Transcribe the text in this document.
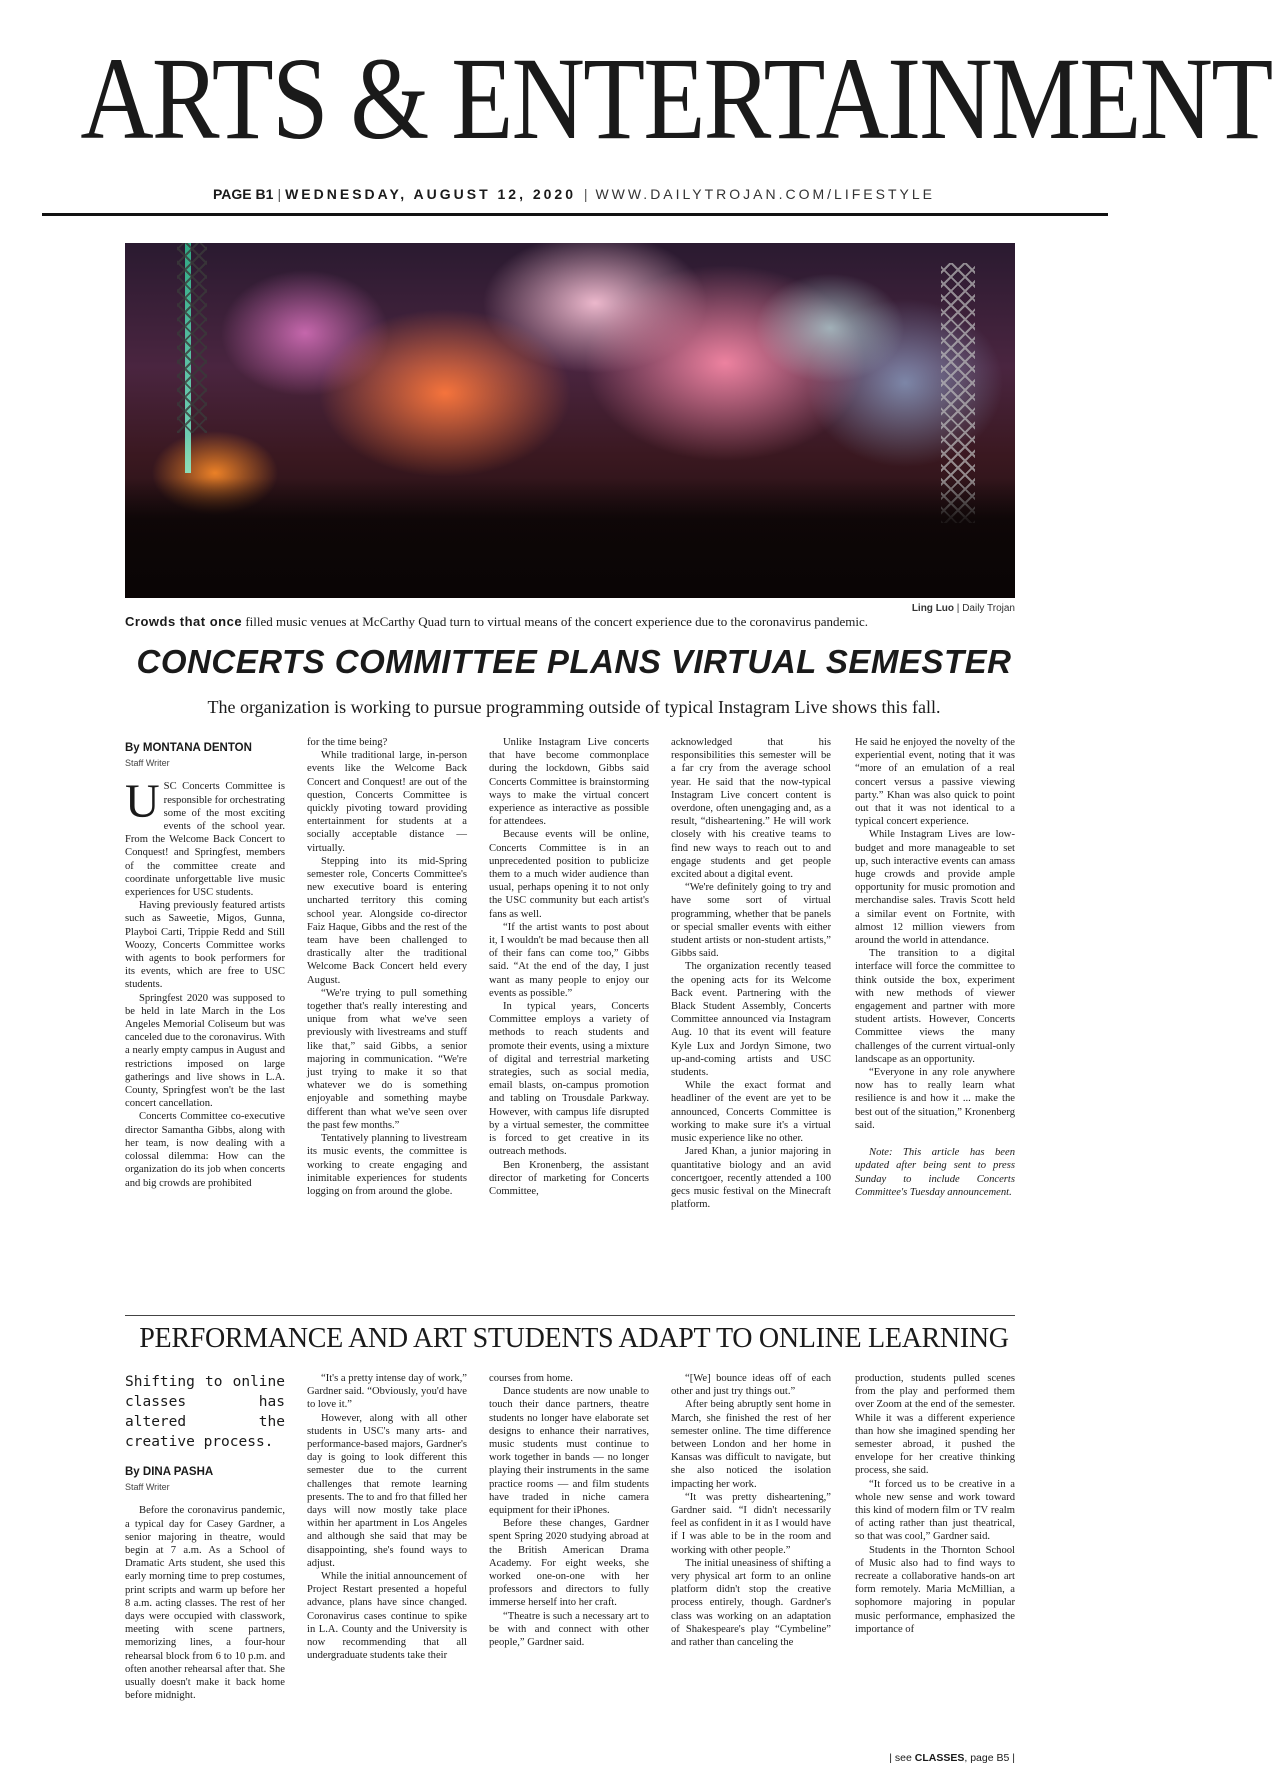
ARTS & ENTERTAINMENT
PAGE B1 | WEDNESDAY, AUGUST 12, 2020 | WWW.DAILYTROJAN.COM/LIFESTYLE
Ling Luo | Daily Trojan
Crowds that once filled music venues at McCarthy Quad turn to virtual means of the concert experience due to the coronavirus pandemic.
CONCERTS COMMITTEE PLANS VIRTUAL SEMESTER
The organization is working to pursue programming outside of typical Instagram Live shows this fall.
By MONTANA DENTON
Staff Writer

USC Concerts Committee is responsible for orchestrating some of the most exciting events of the school year. From the Welcome Back Concert to Conquest! and Springfest, members of the committee create and coordinate unforgettable live music experiences for USC students.

Having previously featured artists such as Saweetie, Migos, Gunna, Playboi Carti, Trippie Redd and Still Woozy, Concerts Committee works with agents to book performers for its events, which are free to USC students.

Springfest 2020 was supposed to be held in late March in the Los Angeles Memorial Coliseum but was canceled due to the coronavirus. With a nearly empty campus in August and restrictions imposed on large gatherings and live shows in L.A. County, Springfest won't be the last concert cancellation.

Concerts Committee co-executive director Samantha Gibbs, along with her team, is now dealing with a colossal dilemma: How can the organization do its job when concerts and big crowds are prohibited

for the time being?

While traditional large, in-person events like the Welcome Back Concert and Conquest! are out of the question, Concerts Committee is quickly pivoting toward providing entertainment for students at a socially acceptable distance — virtually.

Stepping into its mid-Spring semester role, Concerts Committee's new executive board is entering uncharted territory this coming school year. Alongside co-director Faiz Haque, Gibbs and the rest of the team have been challenged to drastically alter the traditional Welcome Back Concert held every August.

“We're trying to pull something together that's really interesting and unique from what we've seen previously with livestreams and stuff like that,” said Gibbs, a senior majoring in communication. “We're just trying to make it so that whatever we do is something enjoyable and something maybe different than what we've seen over the past few months.”

Tentatively planning to livestream its music events, the committee is working to create engaging and inimitable experiences for students logging on from around the globe.

Unlike Instagram Live concerts that have become commonplace during the lockdown, Gibbs said Concerts Committee is brainstorming ways to make the virtual concert experience as interactive as possible for attendees.

Because events will be online, Concerts Committee is in an unprecedented position to publicize them to a much wider audience than usual, perhaps opening it to not only the USC community but each artist's fans as well.

“If the artist wants to post about it, I wouldn't be mad because then all of their fans can come too,” Gibbs said. “At the end of the day, I just want as many people to enjoy our events as possible.”

In typical years, Concerts Committee employs a variety of methods to reach students and promote their events, using a mixture of digital and terrestrial marketing strategies, such as social media, email blasts, on-campus promotion and tabling on Trousdale Parkway. However, with campus life disrupted by a virtual semester, the committee is forced to get creative in its outreach methods.

Ben Kronenberg, the assistant director of marketing for Concerts Committee,

acknowledged that his responsibilities this semester will be a far cry from the average school year. He said that the now-typical Instagram Live concert content is overdone, often unengaging and, as a result, “disheartening.” He will work closely with his creative teams to find new ways to reach out to and engage students and get people excited about a digital event.

“We're definitely going to try and have some sort of virtual programming, whether that be panels or special smaller events with either student artists or non-student artists,” Gibbs said.

The organization recently teased the opening acts for its Welcome Back event. Partnering with the Black Student Assembly, Concerts Committee announced via Instagram Aug. 10 that its event will feature Kyle Lux and Jordyn Simone, two up-and-coming artists and USC students.

While the exact format and headliner of the event are yet to be announced, Concerts Committee is working to make sure it's a virtual music experience like no other.

Jared Khan, a junior majoring in quantitative biology and an avid concertgoer, recently attended a 100 gecs music festival on the Minecraft platform.

He said he enjoyed the novelty of the experiential event, noting that it was “more of an emulation of a real concert versus a passive viewing party.” Khan was also quick to point out that it was not identical to a typical concert experience.

While Instagram Lives are low-budget and more manageable to set up, such interactive events can amass huge crowds and provide ample opportunity for music promotion and merchandise sales. Travis Scott held a similar event on Fortnite, with almost 12 million viewers from around the world in attendance.

The transition to a digital interface will force the committee to think outside the box, experiment with new methods of viewer engagement and partner with more student artists. However, Concerts Committee views the many challenges of the current virtual-only landscape as an opportunity.

“Everyone in any role anywhere now has to really learn what resilience is and how it ... make the best out of the situation,” Kronenberg said.

Note: This article has been updated after being sent to press Sunday to include Concerts Committee's Tuesday announcement.

PERFORMANCE AND ART STUDENTS ADAPT TO ONLINE LEARNING
Shifting to online classes has altered the creative process.
By DINA PASHA
Staff Writer

Before the coronavirus pandemic, a typical day for Casey Gardner, a senior majoring in theatre, would begin at 7 a.m. As a School of Dramatic Arts student, she used this early morning time to prep costumes, print scripts and warm up before her 8 a.m. acting classes. The rest of her days were occupied with classwork, meeting with scene partners, memorizing lines, a four-hour rehearsal block from 6 to 10 p.m. and often another rehearsal after that. She usually doesn't make it back home before midnight.

“It's a pretty intense day of work,” Gardner said. “Obviously, you'd have to love it.”

However, along with all other students in USC's many arts- and performance-based majors, Gardner's day is going to look different this semester due to the current challenges that remote learning presents. The to and fro that filled her days will now mostly take place within her apartment in Los Angeles and although she said that may be disappointing, she's found ways to adjust.

While the initial announcement of Project Restart presented a hopeful advance, plans have since changed. Coronavirus cases continue to spike in L.A. County and the University is now recommending that all undergraduate students take their

courses from home.

Dance students are now unable to touch their dance partners, theatre students no longer have elaborate set designs to enhance their narratives, music students must continue to work together in bands — no longer playing their instruments in the same practice rooms — and film students have traded in niche camera equipment for their iPhones.

Before these changes, Gardner spent Spring 2020 studying abroad at the British American Drama Academy. For eight weeks, she worked one-on-one with her professors and directors to fully immerse herself into her craft.

“Theatre is such a necessary art to be with and connect with other people,” Gardner said.

“[We] bounce ideas off of each other and just try things out.”

After being abruptly sent home in March, she finished the rest of her semester online. The time difference between London and her home in Kansas was difficult to navigate, but she also noticed the isolation impacting her work.

“It was pretty disheartening,” Gardner said. “I didn't necessarily feel as confident in it as I would have if I was able to be in the room and working with other people.”

The initial uneasiness of shifting a very physical art form to an online platform didn't stop the creative process entirely, though. Gardner's class was working on an adaptation of Shakespeare's play “Cymbeline” and rather than canceling the

production, students pulled scenes from the play and performed them over Zoom at the end of the semester. While it was a different experience than how she imagined spending her semester abroad, it pushed the envelope for her creative thinking process, she said.

“It forced us to be creative in a whole new sense and work toward this kind of modern film or TV realm of acting rather than just theatrical, so that was cool,” Gardner said.

Students in the Thornton School of Music also had to find ways to recreate a collaborative hands-on art form remotely. Maria McMillian, a sophomore majoring in popular music performance, emphasized the importance of

| see CLASSES, page B5 |
